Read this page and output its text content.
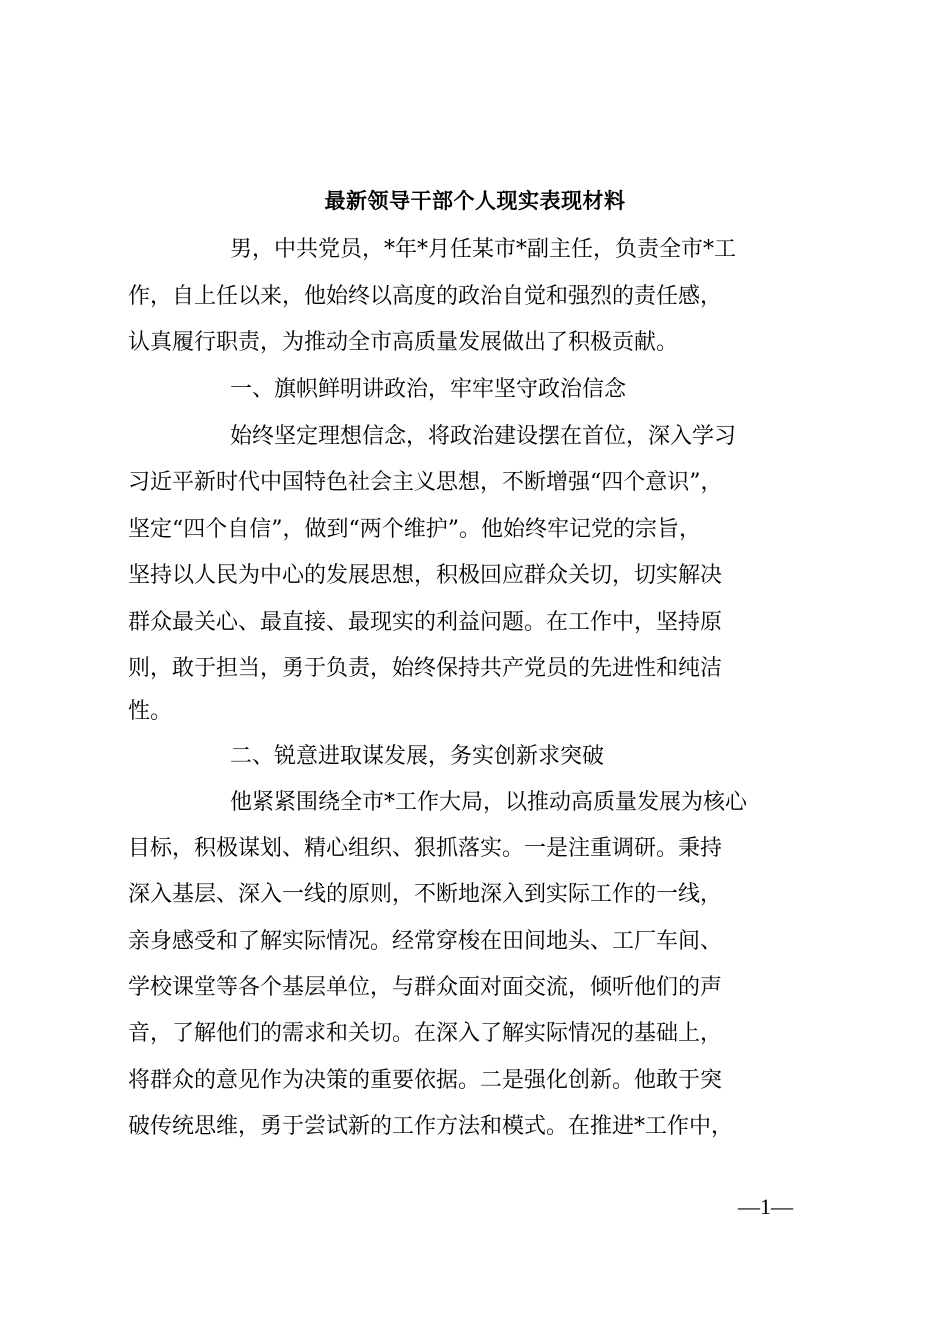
最新领导干部个人现实表现材料
男，中共党员，*年*月任某市*副主任，负责全市*工
作，自上任以来，他始终以高度的政治自觉和强烈的责任感，
认真履行职责，为推动全市高质量发展做出了积极贡献。
一、旗帜鲜明讲政治，牢牢坚守政治信念
始终坚定理想信念，将政治建设摆在首位，深入学习
习近平新时代中国特色社会主义思想，不断增强“四个意识”，
坚定“四个自信”，做到“两个维护”。他始终牢记党的宗旨，
坚持以人民为中心的发展思想，积极回应群众关切，切实解决
群众最关心、最直接、最现实的利益问题。在工作中，坚持原
则，敢于担当，勇于负责，始终保持共产党员的先进性和纯洁
性。
二、锐意进取谋发展，务实创新求突破
他紧紧围绕全市*工作大局，以推动高质量发展为核心
目标，积极谋划、精心组织、狠抓落实。一是注重调研。秉持
深入基层、深入一线的原则，不断地深入到实际工作的一线，
亲身感受和了解实际情况。经常穿梭在田间地头、工厂车间、
学校课堂等各个基层单位，与群众面对面交流，倾听他们的声
音，了解他们的需求和关切。在深入了解实际情况的基础上，
将群众的意见作为决策的重要依据。二是强化创新。他敢于突
破传统思维，勇于尝试新的工作方法和模式。在推进*工作中，
—1—
